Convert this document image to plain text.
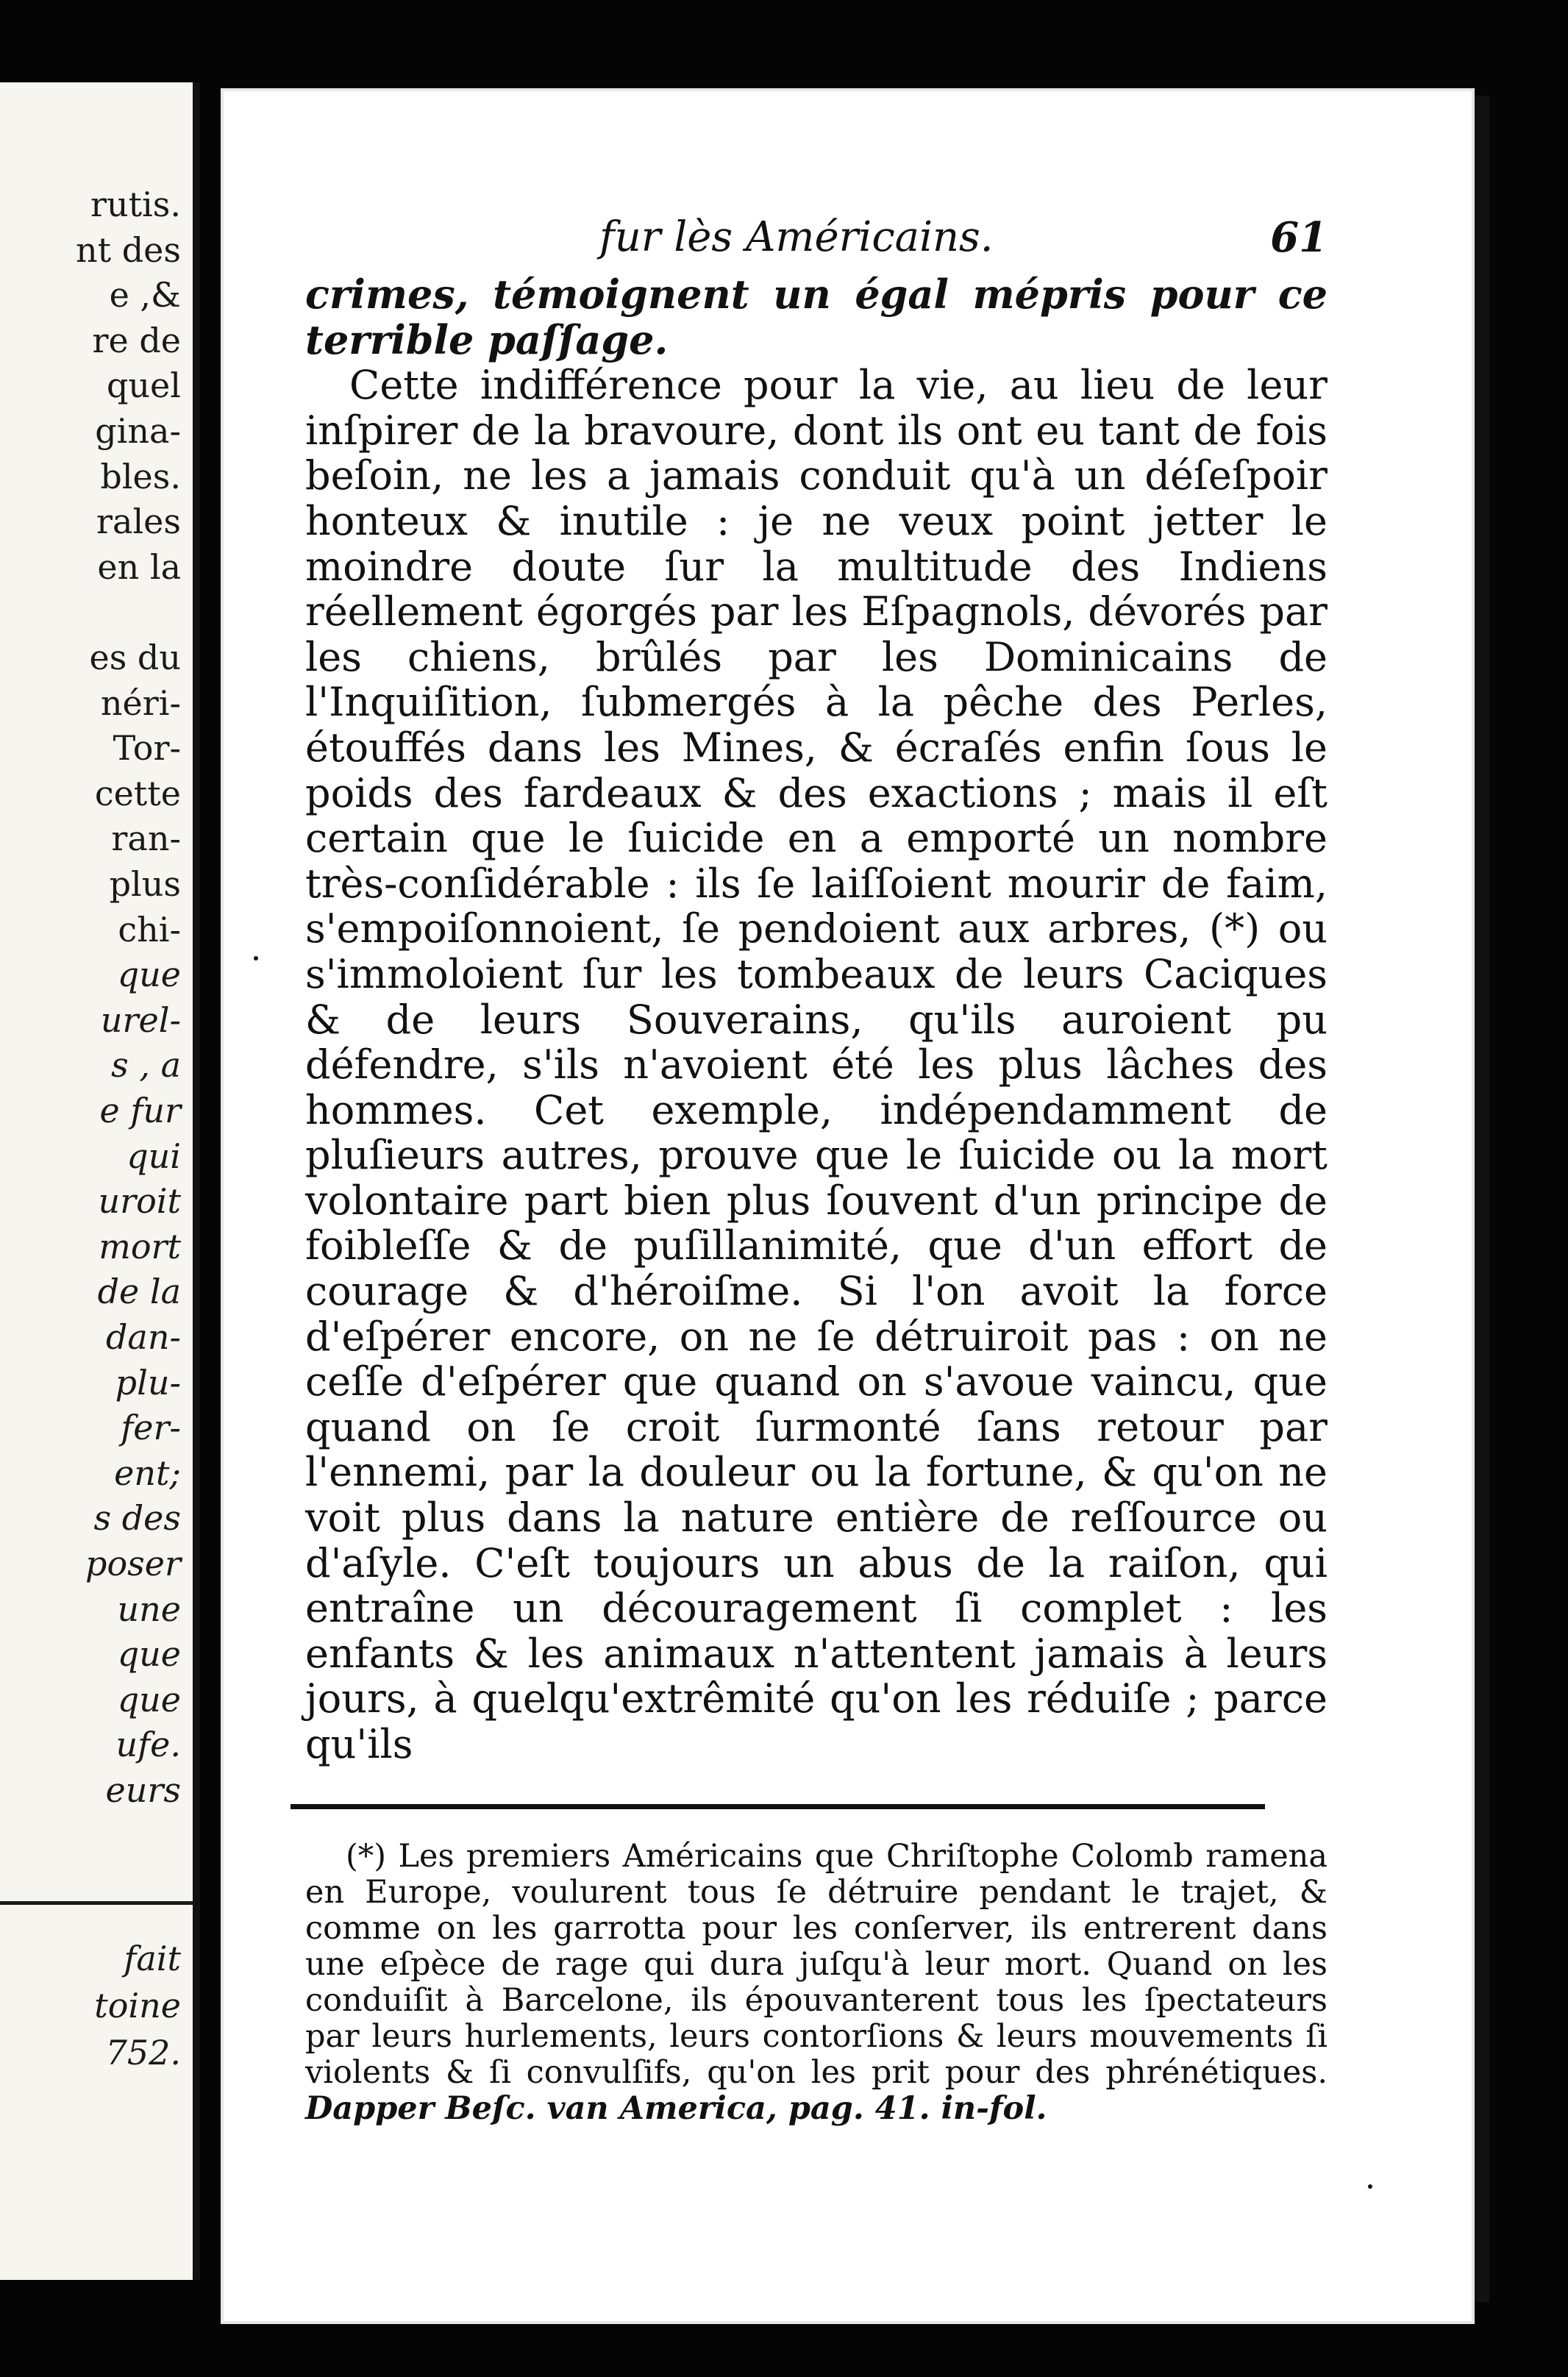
rutis.
nt des
e ,&
re de
quel
gina-
bles.
rales
en la
es du
néri-
Tor-
cette
ran-
plus
chi-
que
urel-
s , a
e fur
qui
uroit
mort
de la
dan-
plu-
fer-
ent;
s des
poser
une
que
que
ufe.
eurs
fait
toine
752.
fur lès Américains.	61

crimes, témoignent un égal mépris pour ce terrible paſſage.

Cette indifférence pour la vie, au lieu de leur inſpirer de la bravoure, dont ils ont eu tant de fois beſoin, ne les a jamais conduit qu'à un déſeſpoir honteux & inutile : je ne veux point jetter le moindre doute ſur la multitude des Indiens réellement égorgés par les Eſpagnols, dévorés par les chiens, brûlés par les Dominicains de l'Inquiſition, ſubmergés à la pêche des Perles, étouffés dans les Mines, & écraſés enfin ſous le poids des fardeaux & des exactions ; mais il eſt certain que le ſuicide en a emporté un nombre très-conſidérable : ils ſe laiſſoient mourir de faim, s'empoiſonnoient, ſe pendoient aux arbres, (*) ou s'immoloient ſur les tombeaux de leurs Caciques & de leurs Souverains, qu'ils auroient pu défendre, s'ils n'avoient été les plus lâches des hommes. Cet exemple, indépendamment de pluſieurs autres, prouve que le ſuicide ou la mort volontaire part bien plus ſouvent d'un principe de foibleſſe & de puſillanimité, que d'un effort de courage & d'héroiſme. Si l'on avoit la force d'eſpérer encore, on ne ſe détruiroit pas : on ne ceſſe d'eſpérer que quand on s'avoue vaincu, que quand on ſe croit ſurmonté ſans retour par l'ennemi, par la douleur ou la fortune, & qu'on ne voit plus dans la nature entière de reſſource ou d'aſyle. C'eſt toujours un abus de la raiſon, qui entraîne un découragement ſi complet : les enfants & les animaux n'attentent jamais à leurs jours, à quelqu'extrêmité qu'on les réduiſe ; parce qu'ils

(*) Les premiers Américains que Chriſtophe Colomb ramena en Europe, voulurent tous ſe détruire pendant le trajet, & comme on les garrotta pour les conſerver, ils entrerent dans une eſpèce de rage qui dura juſqu'à leur mort. Quand on les conduiſit à Barcelone, ils épouvanterent tous les ſpectateurs par leurs hurlements, leurs contorſions & leurs mouvements ſi violents & ſi convulſifs, qu'on les prit pour des phrénétiques. Dapper Beſc. van America, pag. 41. in-fol.
